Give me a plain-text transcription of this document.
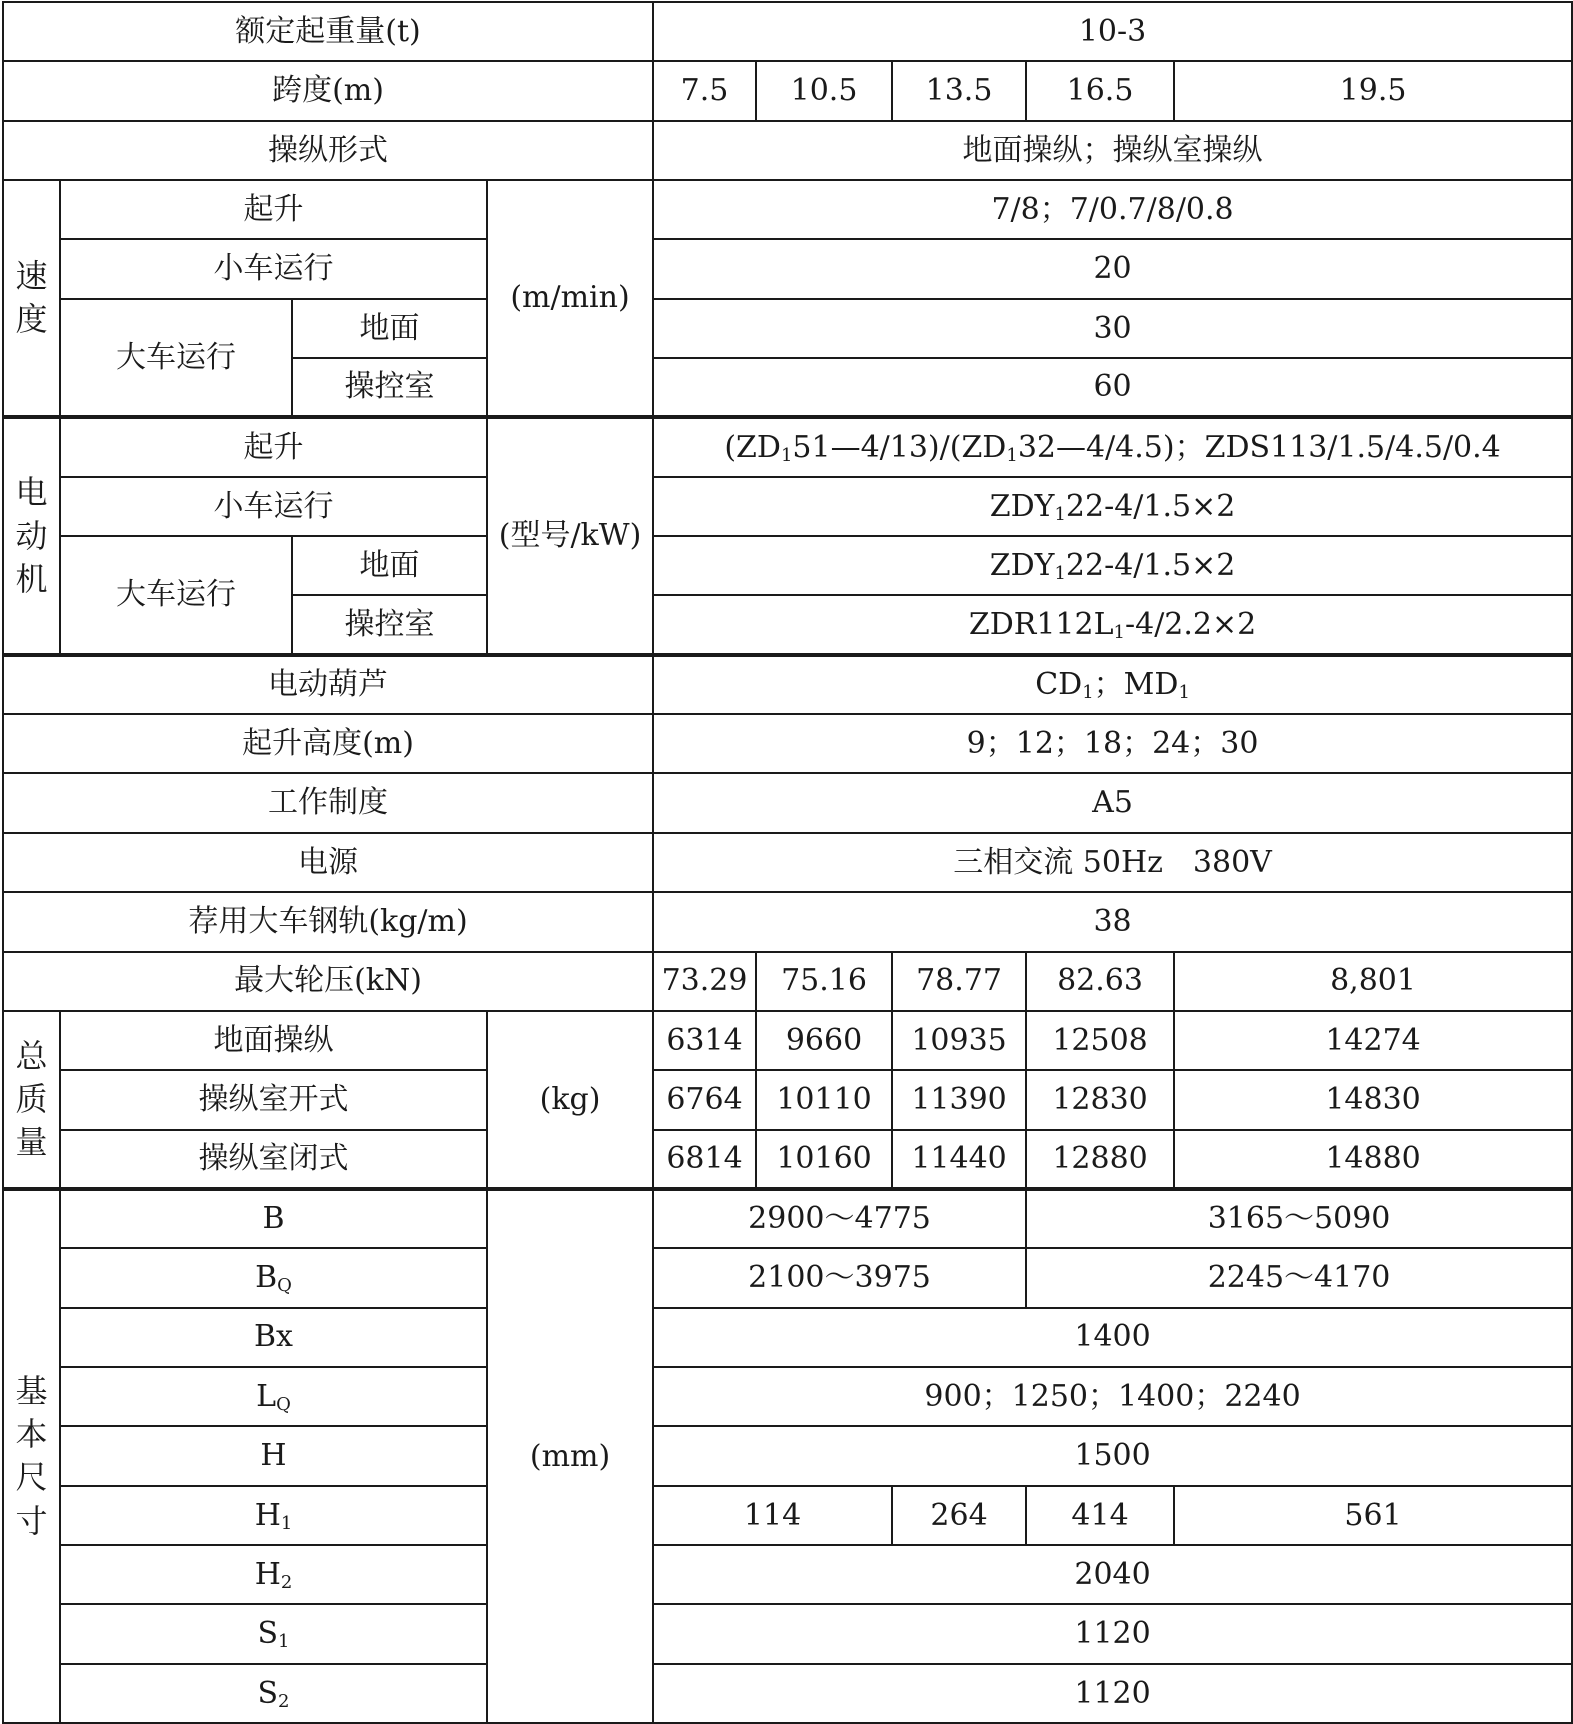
额定起重量(t)				10-3				
跨度(m)				7.5	10.5	13.5	16.5	19.5
操纵形式				地面操纵；操纵室操纵				

速
度	起升		(m/min)	7/8；7/0.7/8/0.8				
	小车运行			20				
	大车运行	地面		30				
		操控室		60				

电
动
机	起升		(型号/kW)	$(ZD_151—4/13)/(ZD_132—4/4.5)$；ZDS113/1.5/4.5/0.4				
	小车运行			$ZDY_122-4/1.5\times 2$				
	大车运行	地面		$ZDY_122-4/1.5\times 2$				
		操控室		$ZDR112L_1-4/2.2\times 2$				
电动葫芦				$CD_1$；$MD_1$
起升高度(m)				9；12；18；24；30				
工作制度				A5				
电源				三相交流 50Hz　380V				
荐用大车钢轨(kg/m)				38				
最大轮压(kN)				73.29	75.16	78.77	82.63	8,801

总
质
量	地面操纵		(kg)	6314	9660	10935	12508	14274
	操纵室开式			6764	10110	11390	12830	14830
	操纵室闭式			6814	10160	11440	12880	14880

基
本
尺
寸	B		(mm)	2900～4775			3165～5090	
	$B_Q$			2100～3975			2245～4170	
	Bx			1400				
	$L_Q$			900；1250；1400；2240				
	H			1500				
	$H_1$			114		264	414	561
	$H_2$			2040				
	$S_1$			1120				
	$S_2$			1120				
